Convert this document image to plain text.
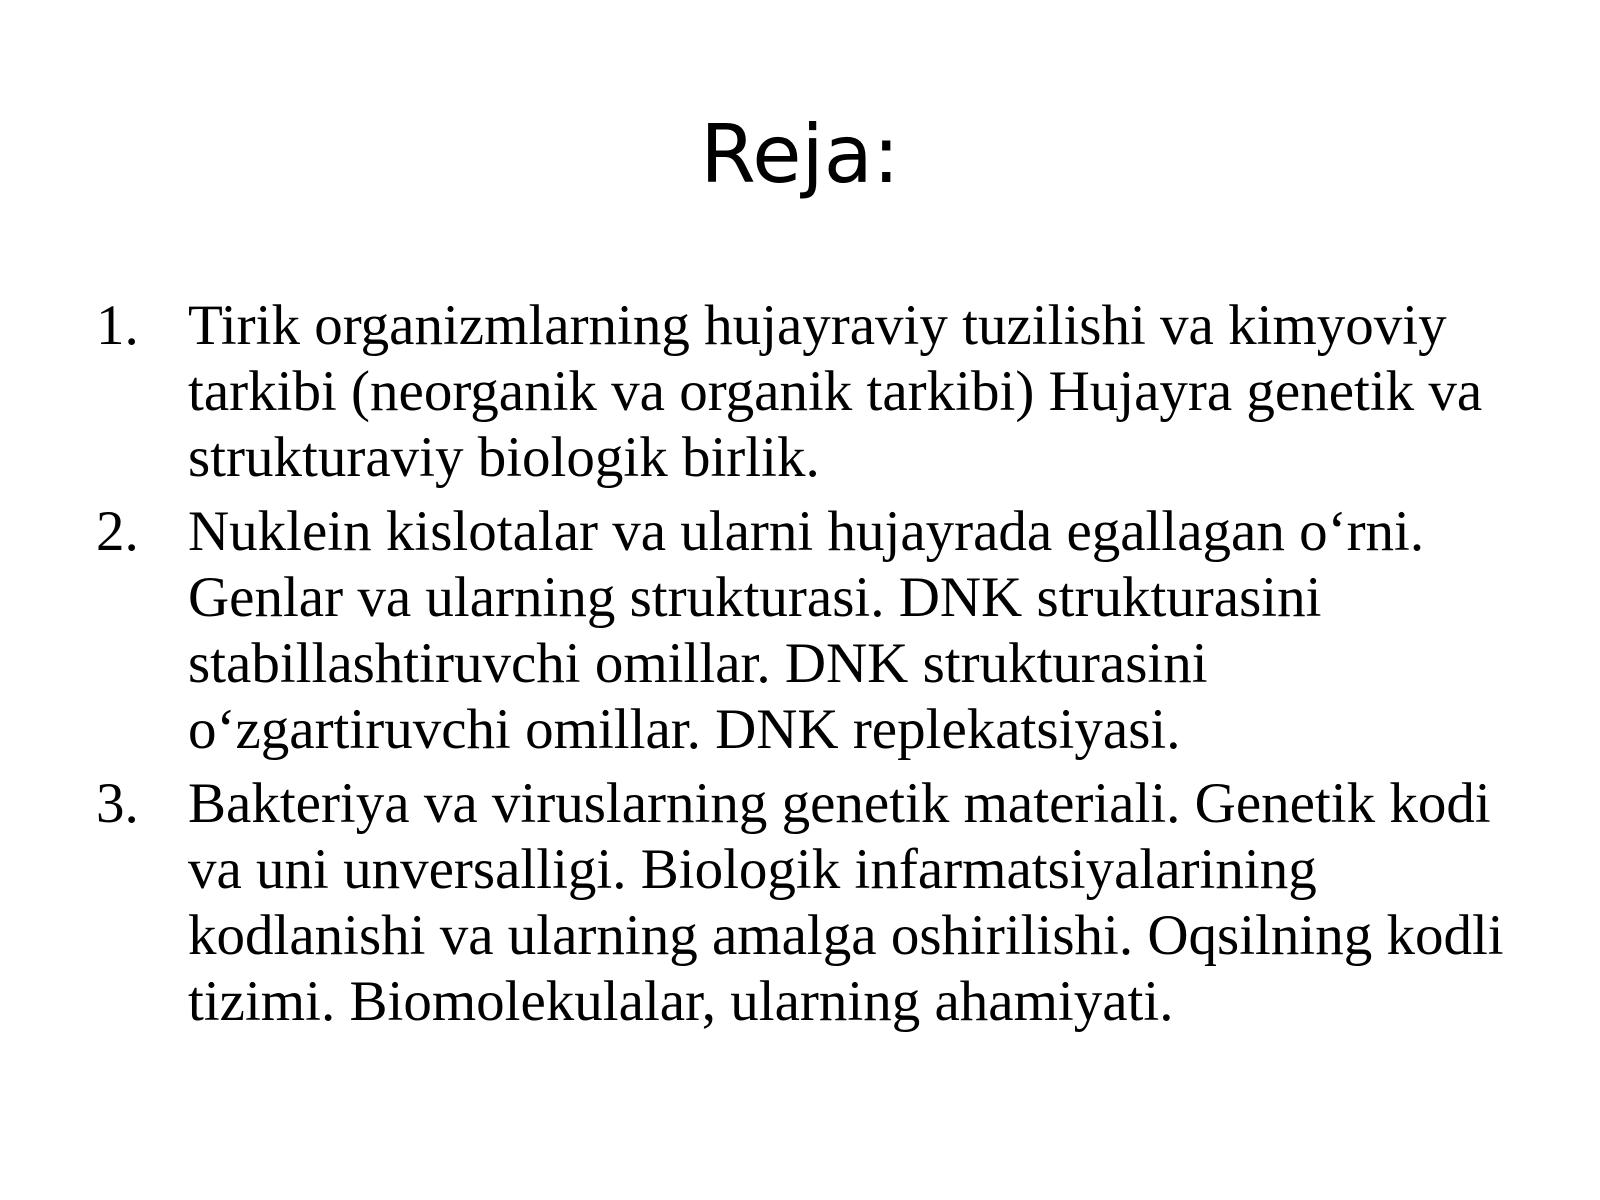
Reja:
1. Tirik organizmlarning hujayraviy tuzilishi va kimyoviy tarkibi (neorganik va organik tarkibi) Hujayra genetik va strukturaviy biologik birlik.
2. Nuklein kislotalar va ularni hujayrada egallagan o‘rni. Genlar va ularning strukturasi. DNK strukturasini stabillashtiruvchi omillar. DNK strukturasini o‘zgartiruvchi omillar. DNK replekatsiyasi.
3. Bakteriya va viruslarning genetik materiali. Genetik kodi va uni unversalligi. Biologik infarmatsiyalarining kodlanishi va ularning amalga oshirilishi. Oqsilning kodli tizimi. Biomolekulalar, ularning ahamiyati.
